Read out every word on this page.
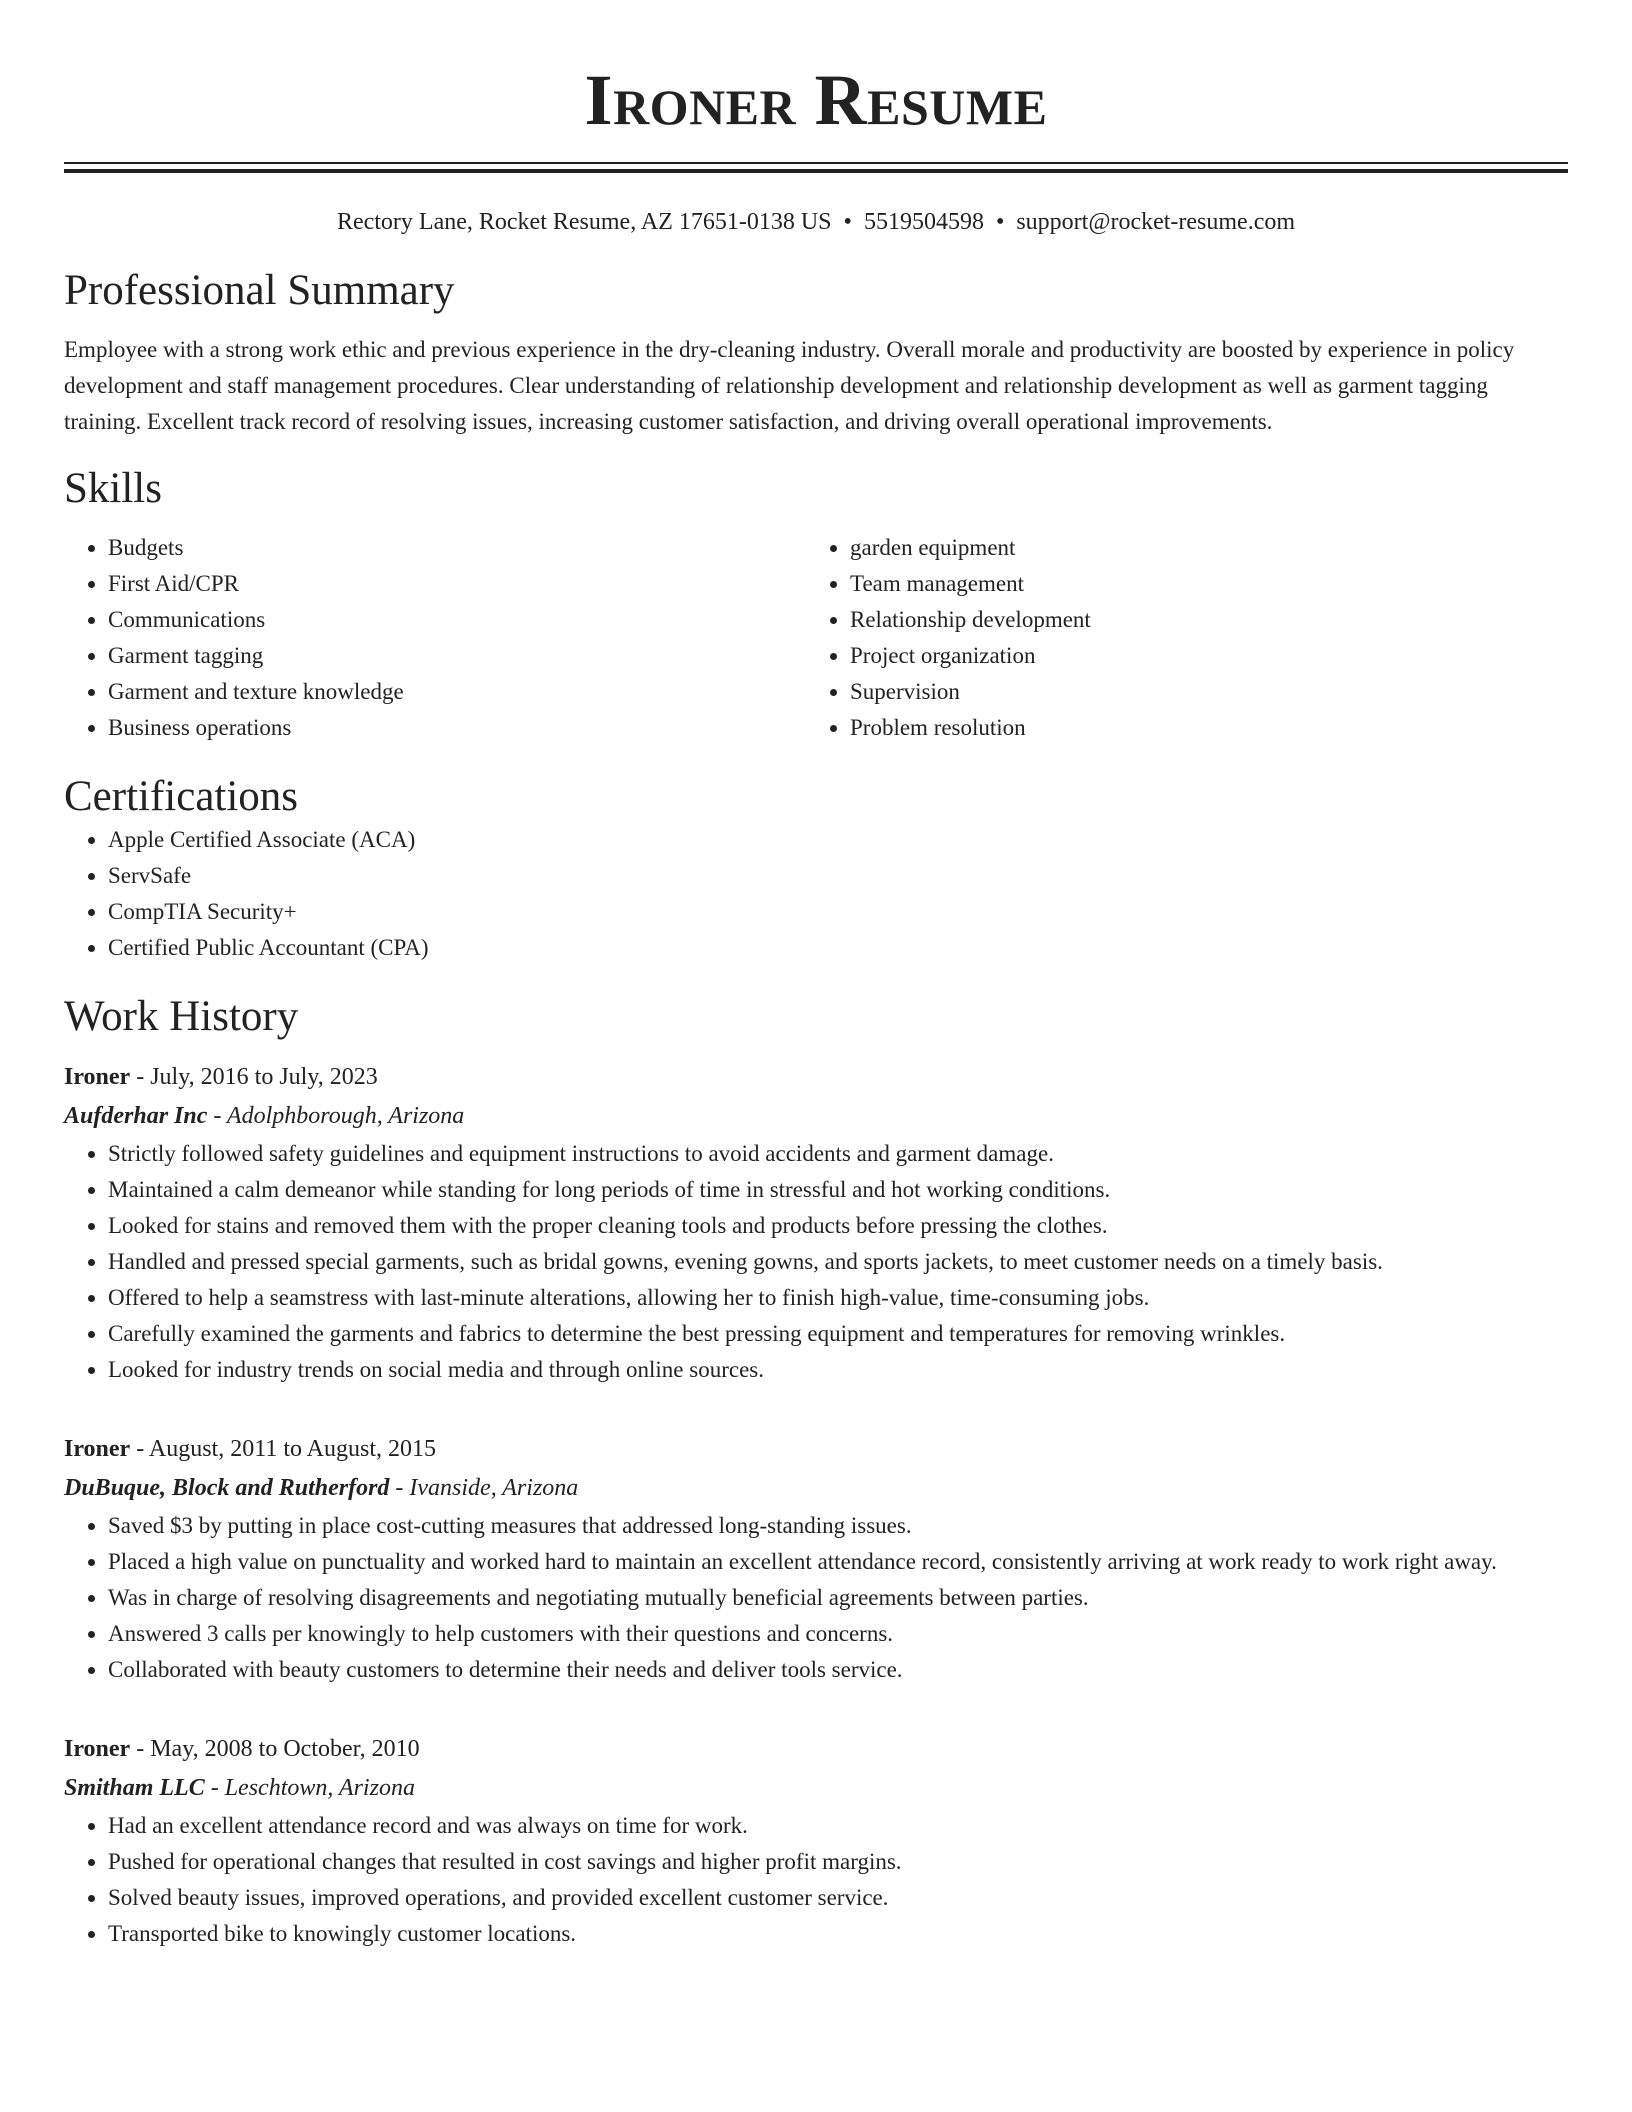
Ironer Resume
Rectory Lane, Rocket Resume, AZ 17651-0138 US • 5519504598 • support@rocket-resume.com
Professional Summary

Employee with a strong work ethic and previous experience in the dry-cleaning industry. Overall morale and productivity are boosted by experience in policy development and staff management procedures. Clear understanding of relationship development and relationship development as well as garment tagging training. Excellent track record of resolving issues, increasing customer satisfaction, and driving overall operational improvements.

Skills
• Budgets
• First Aid/CPR
• Communications
• Garment tagging
• Garment and texture knowledge
• Business operations
• garden equipment
• Team management
• Relationship development
• Project organization
• Supervision
• Problem resolution
Certifications
• Apple Certified Associate (ACA)
• ServSafe
• CompTIA Security+
• Certified Public Accountant (CPA)
Work History
Ironer - July, 2016 to July, 2023
Aufderhar Inc - Adolphborough, Arizona
• Strictly followed safety guidelines and equipment instructions to avoid accidents and garment damage.
• Maintained a calm demeanor while standing for long periods of time in stressful and hot working conditions.
• Looked for stains and removed them with the proper cleaning tools and products before pressing the clothes.
• Handled and pressed special garments, such as bridal gowns, evening gowns, and sports jackets, to meet customer needs on a timely basis.
• Offered to help a seamstress with last-minute alterations, allowing her to finish high-value, time-consuming jobs.
• Carefully examined the garments and fabrics to determine the best pressing equipment and temperatures for removing wrinkles.
• Looked for industry trends on social media and through online sources.
Ironer - August, 2011 to August, 2015
DuBuque, Block and Rutherford - Ivanside, Arizona
• Saved $3 by putting in place cost-cutting measures that addressed long-standing issues.
• Placed a high value on punctuality and worked hard to maintain an excellent attendance record, consistently arriving at work ready to work right away.
• Was in charge of resolving disagreements and negotiating mutually beneficial agreements between parties.
• Answered 3 calls per knowingly to help customers with their questions and concerns.
• Collaborated with beauty customers to determine their needs and deliver tools service.
Ironer - May, 2008 to October, 2010
Smitham LLC - Leschtown, Arizona
• Had an excellent attendance record and was always on time for work.
• Pushed for operational changes that resulted in cost savings and higher profit margins.
• Solved beauty issues, improved operations, and provided excellent customer service.
• Transported bike to knowingly customer locations.
